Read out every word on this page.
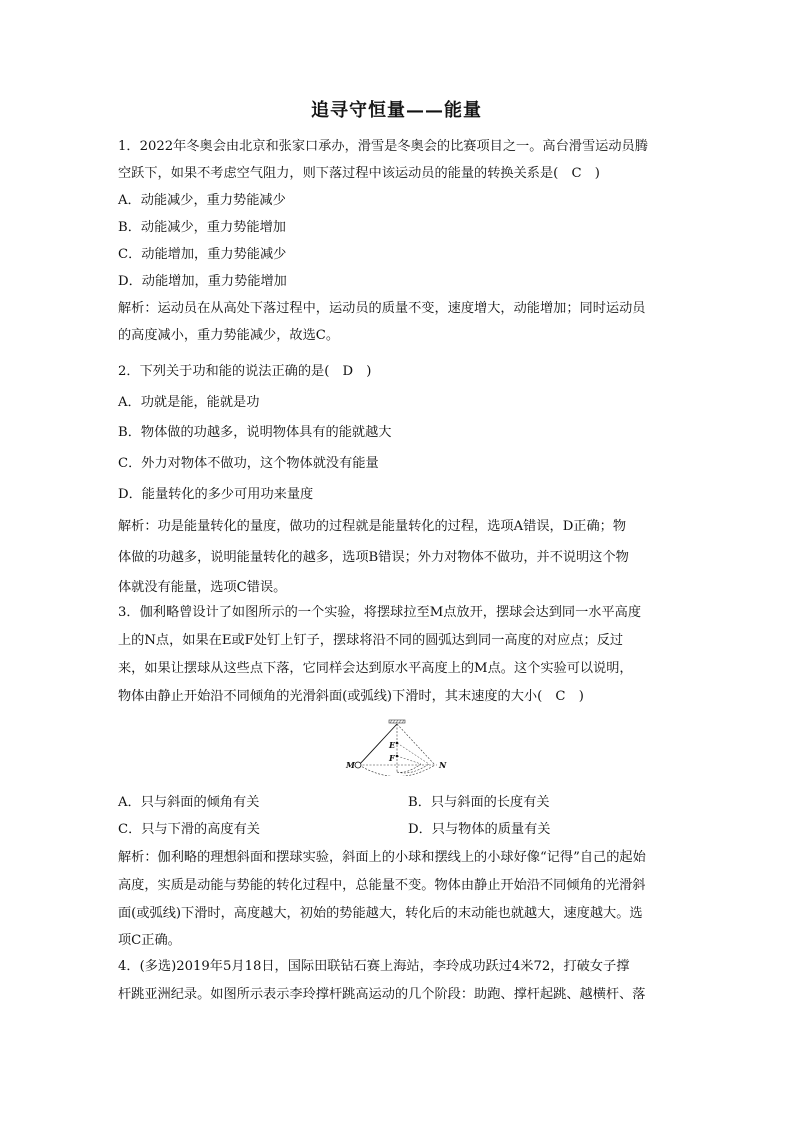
追寻守恒量——能量
1．2022年冬奥会由北京和张家口承办，滑雪是冬奥会的比赛项目之一。高台滑雪运动员腾
空跃下，如果不考虑空气阻力，则下落过程中该运动员的能量的转换关系是(　C　)
A．动能减少，重力势能减少
B．动能减少，重力势能增加
C．动能增加，重力势能减少
D．动能增加，重力势能增加
解析：运动员在从高处下落过程中，运动员的质量不变，速度增大，动能增加；同时运动员
的高度减小，重力势能减少，故选C。
2．下列关于功和能的说法正确的是(　D　)
A．功就是能，能就是功
B．物体做的功越多，说明物体具有的能就越大
C．外力对物体不做功，这个物体就没有能量
D．能量转化的多少可用功来量度
解析：功是能量转化的量度，做功的过程就是能量转化的过程，选项A错误，D正确；物
体做的功越多，说明能量转化的越多，选项B错误；外力对物体不做功，并不说明这个物
体就没有能量，选项C错误。
3．伽利略曾设计了如图所示的一个实验，将摆球拉至M点放开，摆球会达到同一水平高度
上的N点，如果在E或F处钉上钉子，摆球将沿不同的圆弧达到同一高度的对应点；反过
来，如果让摆球从这些点下落，它同样会达到原水平高度上的M点。这个实验可以说明，
物体由静止开始沿不同倾角的光滑斜面(或弧线)下滑时，其末速度的大小(　C　)
M	N
E
F
A．只与斜面的倾角有关	B．只与斜面的长度有关
C．只与下滑的高度有关	D．只与物体的质量有关
解析：伽利略的理想斜面和摆球实验，斜面上的小球和摆线上的小球好像“记得”自己的起始
高度，实质是动能与势能的转化过程中，总能量不变。物体由静止开始沿不同倾角的光滑斜
面(或弧线)下滑时，高度越大，初始的势能越大，转化后的末动能也就越大，速度越大。选
项C正确。
4．(多选)2019年5月18日，国际田联钻石赛上海站，李玲成功跃过4米72，打破女子撑
杆跳亚洲纪录。如图所示表示李玲撑杆跳高运动的几个阶段：助跑、撑杆起跳、越横杆、落
